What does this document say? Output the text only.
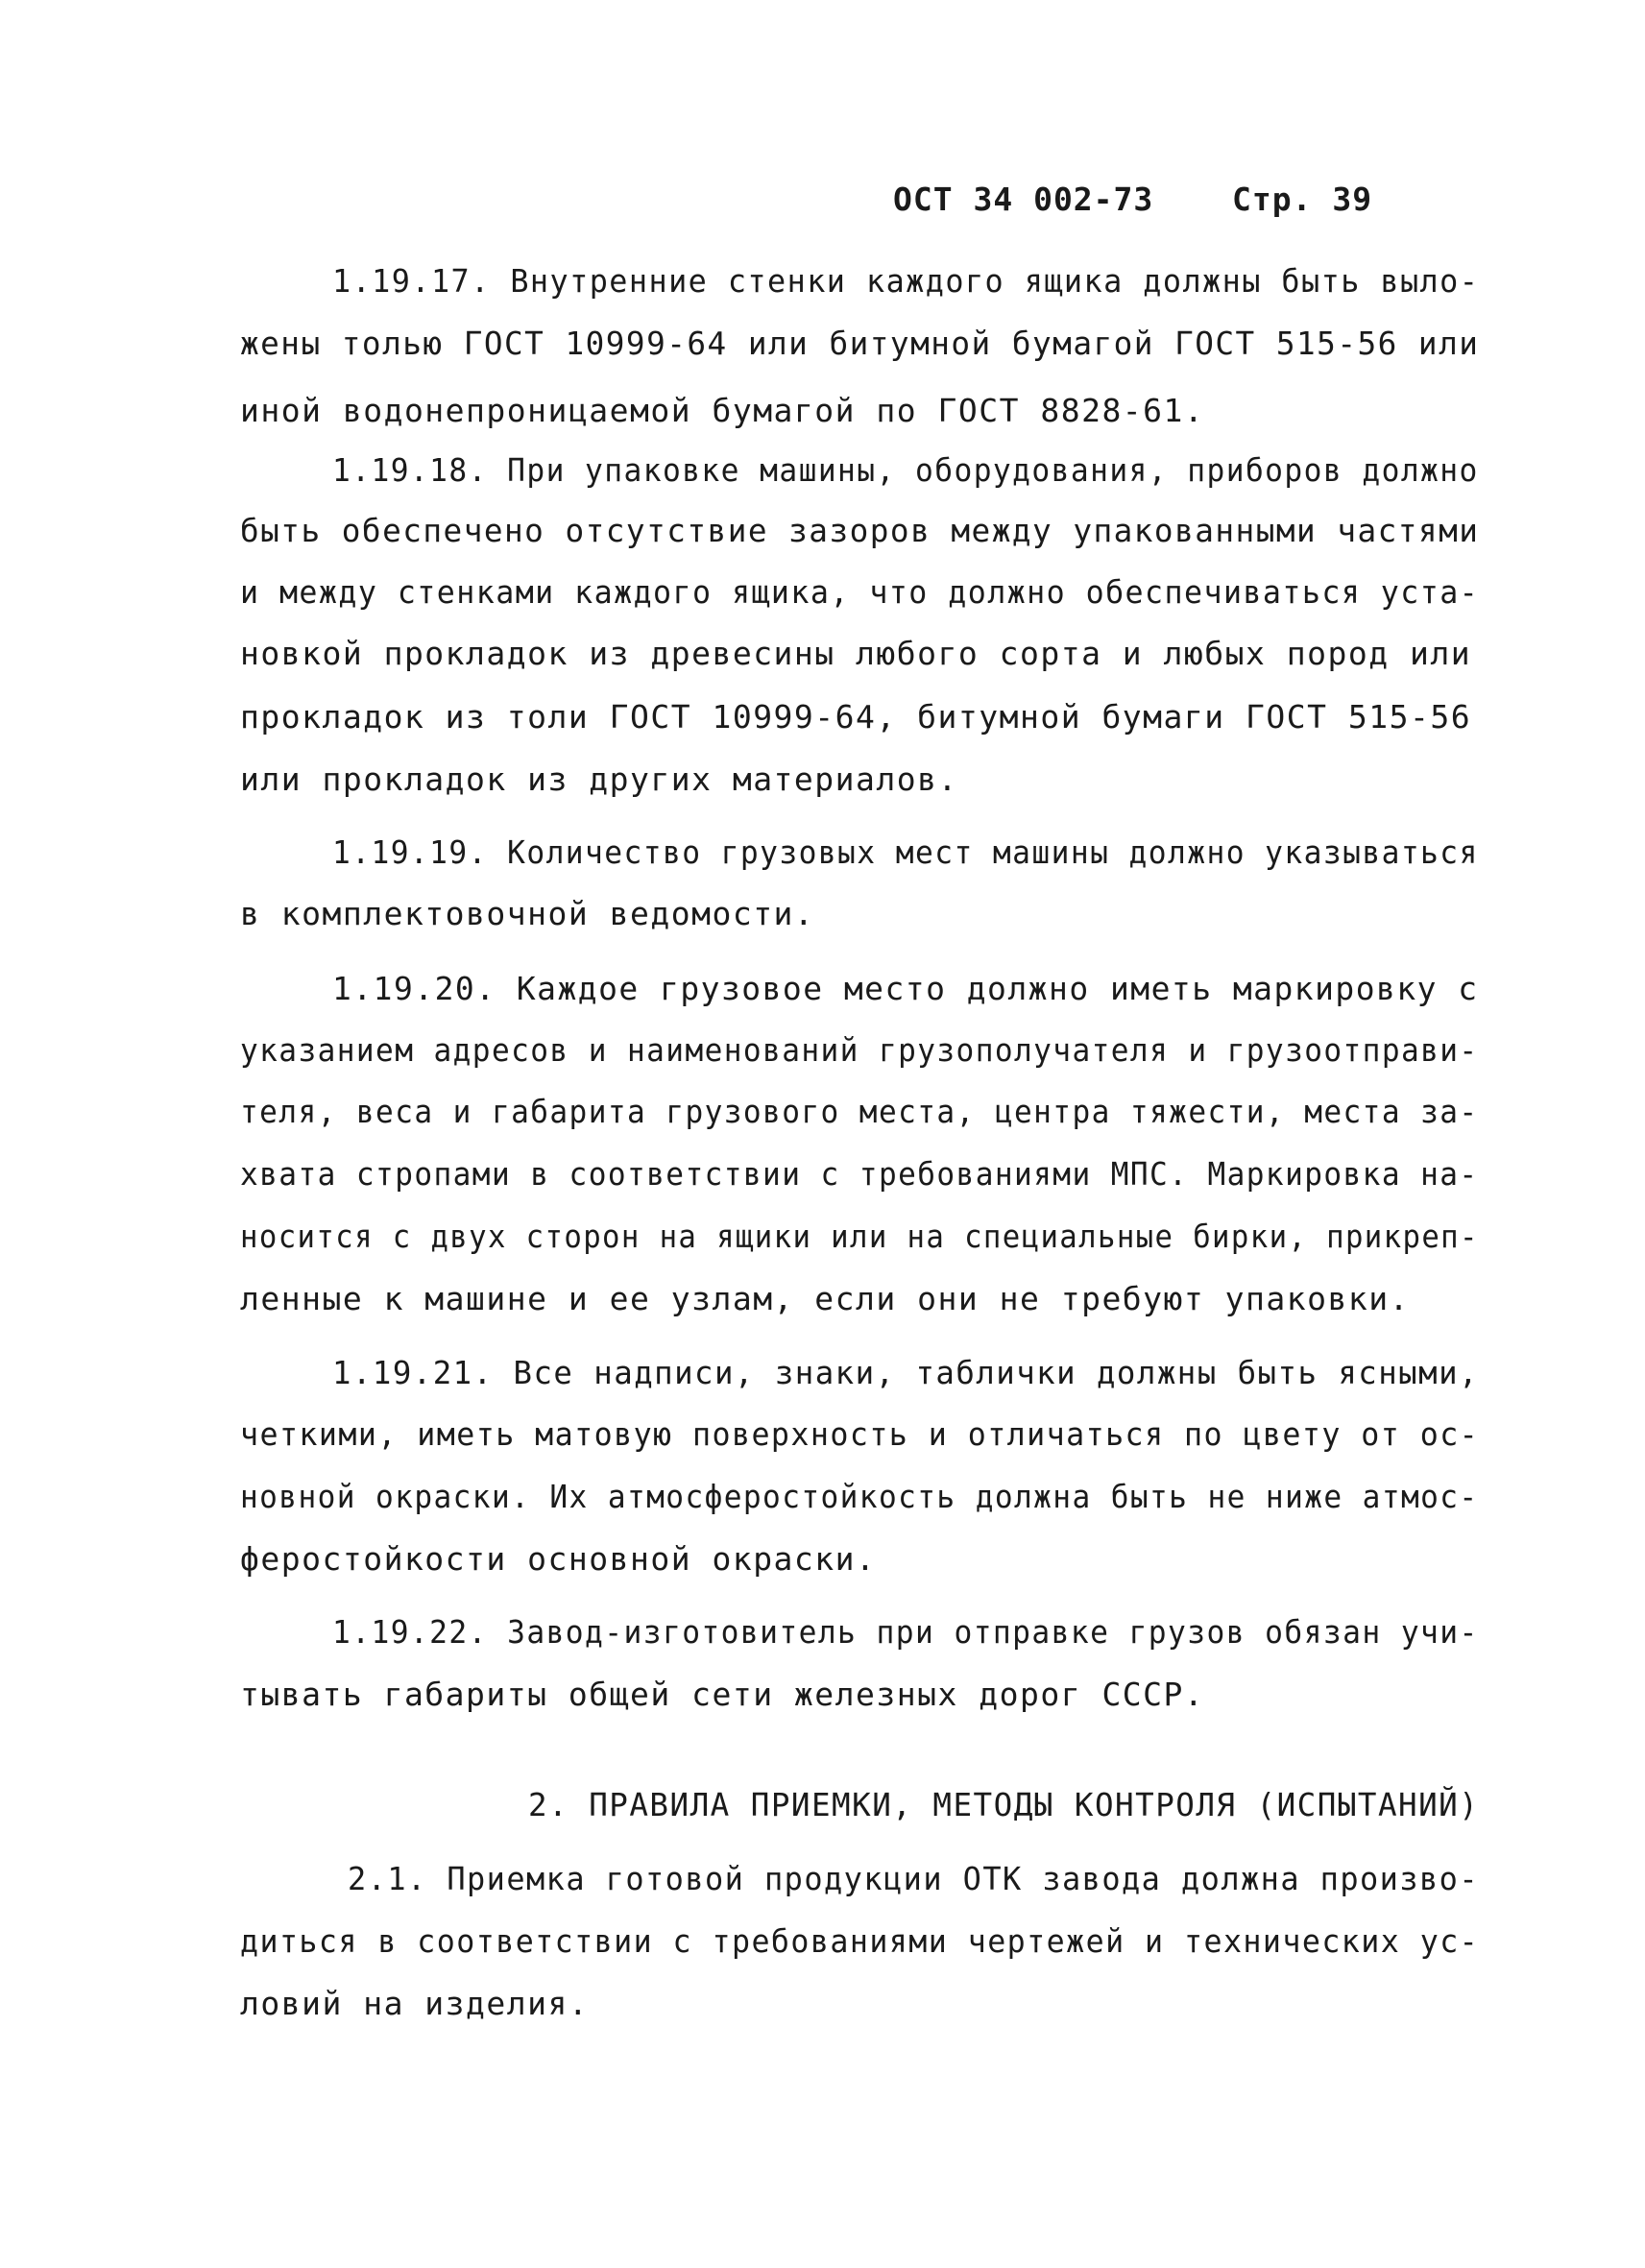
ОСТ 34 002-73 Стр. 39
1.19.17. Внутренние стенки каждого ящика должны быть выло-
жены толью ГОСТ 10999-64 или битумной бумагой ГОСТ 515-56 или
иной водонепроницаемой бумагой по ГОСТ 8828-61.
1.19.18. При упаковке машины, оборудования, приборов должно
быть обеспечено отсутствие зазоров между упакованными частями
и между стенками каждого ящика, что должно обеспечиваться уста-
новкой прокладок из древесины любого сорта и любых пород или
прокладок из толи ГОСТ 10999-64, битумной бумаги ГОСТ 515-56
или прокладок из других материалов.
1.19.19. Количество грузовых мест машины должно указываться
в комплектовочной ведомости.
1.19.20. Каждое грузовое место должно иметь маркировку с
указанием адресов и наименований грузополучателя и грузоотправи-
теля, веса и габарита грузового места, центра тяжести, места за-
хвата стропами в соответствии с требованиями МПС. Маркировка на-
носится с двух сторон на ящики или на специальные бирки, прикреп-
ленные к машине и ее узлам, если они не требуют упаковки.
1.19.21. Все надписи, знаки, таблички должны быть ясными,
четкими, иметь матовую поверхность и отличаться по цвету от ос-
новной окраски. Их атмосферостойкость должна быть не ниже атмос-
феростойкости основной окраски.
1.19.22. Завод-изготовитель при отправке грузов обязан учи-
тывать габариты общей сети железных дорог СССР.
2. ПРАВИЛА ПРИЕМКИ, МЕТОДЫ КОНТРОЛЯ (ИСПЫТАНИЙ)
2.1. Приемка готовой продукции ОТК завода должна произво-
диться в соответствии с требованиями чертежей и технических ус-
ловий на изделия.
